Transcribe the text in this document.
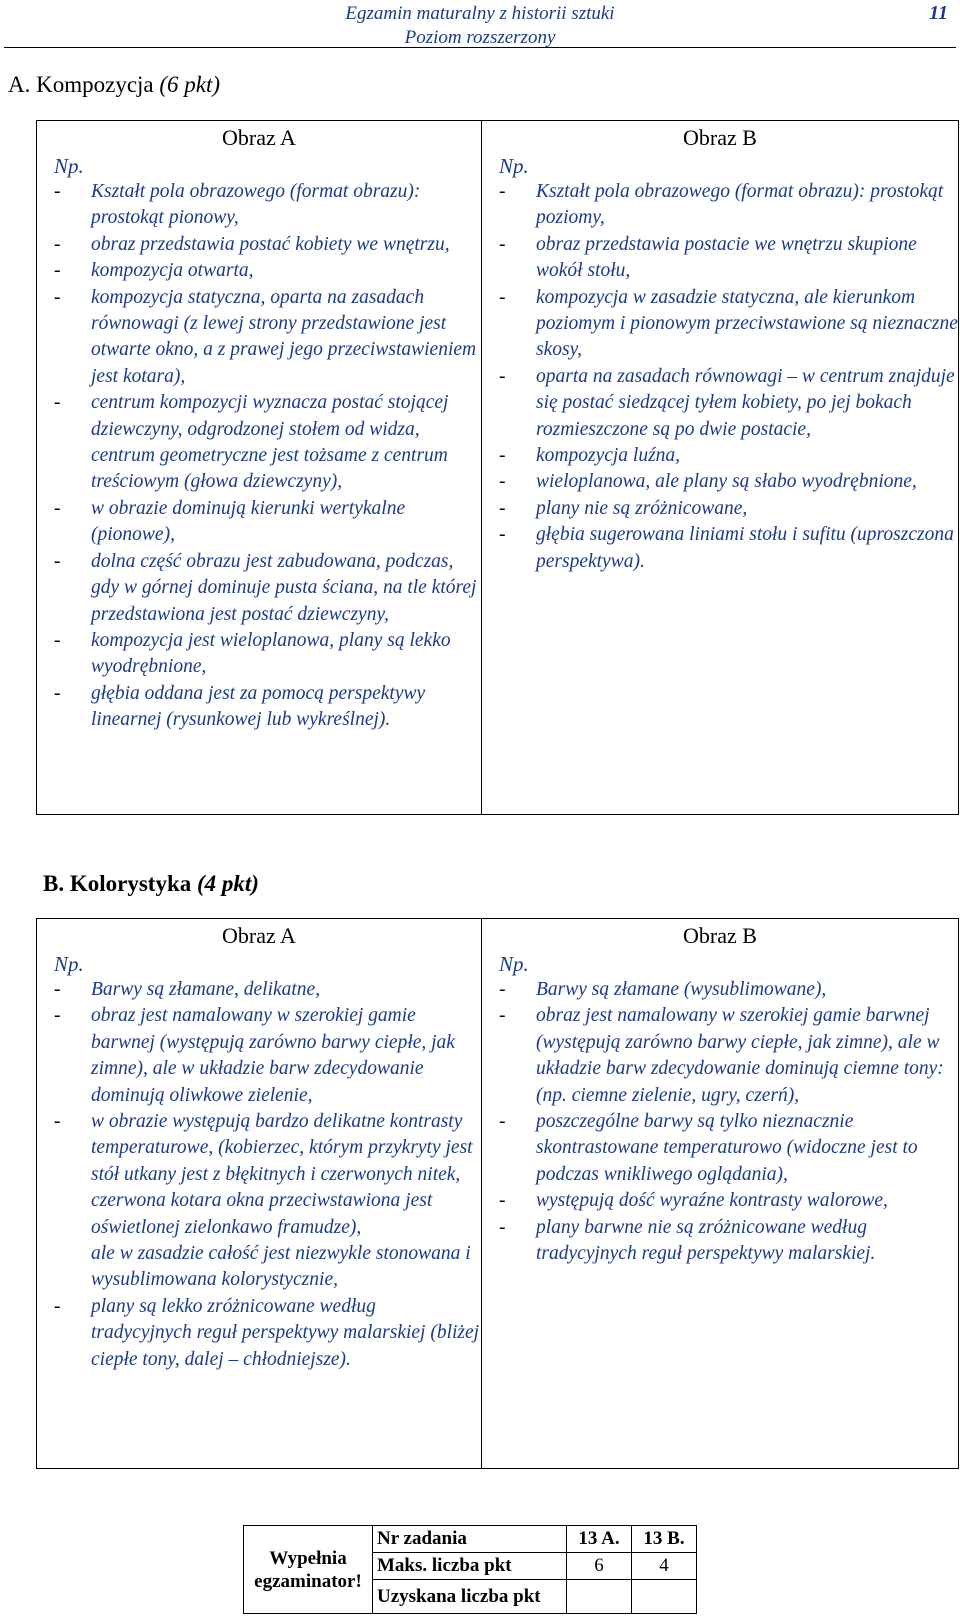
Egzamin maturalny z historii sztuki
Poziom rozszerzony
11
A. Kompozycja (6 pkt)
Obraz A
Np.
- Kształt pola obrazowego (format obrazu): prostokąt pionowy,
- obraz przedstawia postać kobiety we wnętrzu,
- kompozycja otwarta,
- kompozycja statyczna, oparta na zasadach równowagi (z lewej strony przedstawione jest otwarte okno, a z prawej jego przeciwstawieniem jest kotara),
- centrum kompozycji wyznacza postać stojącej dziewczyny, odgrodzonej stołem od widza, centrum geometryczne jest tożsame z centrum treściowym (głowa dziewczyny),
- w obrazie dominują kierunki wertykalne (pionowe),
- dolna część obrazu jest zabudowana, podczas, gdy w górnej dominuje pusta ściana, na tle której przedstawiona jest postać dziewczyny,
- kompozycja jest wieloplanowa, plany są lekko wyodrębnione,
- głębia oddana jest za pomocą perspektywy linearnej (rysunkowej lub wykreślnej).

Obraz B
Np.
- Kształt pola obrazowego (format obrazu): prostokąt poziomy,
- obraz przedstawia postacie we wnętrzu skupione wokół stołu,
- kompozycja w zasadzie statyczna, ale kierunkom poziomym i pionowym przeciwstawione są nieznaczne skosy,
- oparta na zasadach równowagi – w centrum znajduje się postać siedzącej tyłem kobiety, po jej bokach rozmieszczone są po dwie postacie,
- kompozycja luźna,
- wieloplanowa, ale plany są słabo wyodrębnione,
- plany nie są zróżnicowane,
- głębia sugerowana liniami stołu i sufitu (uproszczona perspektywa).
B. Kolorystyka (4 pkt)
Obraz A
Np.
- Barwy są złamane, delikatne,
- obraz jest namalowany w szerokiej gamie barwnej (występują zarówno barwy ciepłe, jak zimne), ale w układzie barw zdecydowanie dominują oliwkowe zielenie,
- w obrazie występują bardzo delikatne kontrasty temperaturowe, (kobierzec, którym przykryty jest stół utkany jest z błękitnych i czerwonych nitek, czerwona kotara okna przeciwstawiona jest oświetlonej zielonkawo framudze),
ale w zasadzie całość jest niezwykle stonowana i wysublimowana kolorystycznie,
- plany są lekko zróżnicowane według tradycyjnych reguł perspektywy malarskiej (bliżej ciepłe tony, dalej – chłodniejsze).

Obraz B
Np.
- Barwy są złamane (wysublimowane),
- obraz jest namalowany w szerokiej gamie barwnej (występują zarówno barwy ciepłe, jak zimne), ale w układzie barw zdecydowanie dominują ciemne tony: (np. ciemne zielenie, ugry, czerń),
- poszczególne barwy są tylko nieznacznie skontrastowane temperaturowo (widoczne jest to podczas wnikliwego oglądania),
- występują dość wyraźne kontrasty walorowe,
- plany barwne nie są zróżnicowane według tradycyjnych reguł perspektywy malarskiej.
Wypełnia
egzaminator!	Nr zadania	13 A.	13 B.
	Maks. liczba pkt	6	4
	Uzyskana liczba pkt		
